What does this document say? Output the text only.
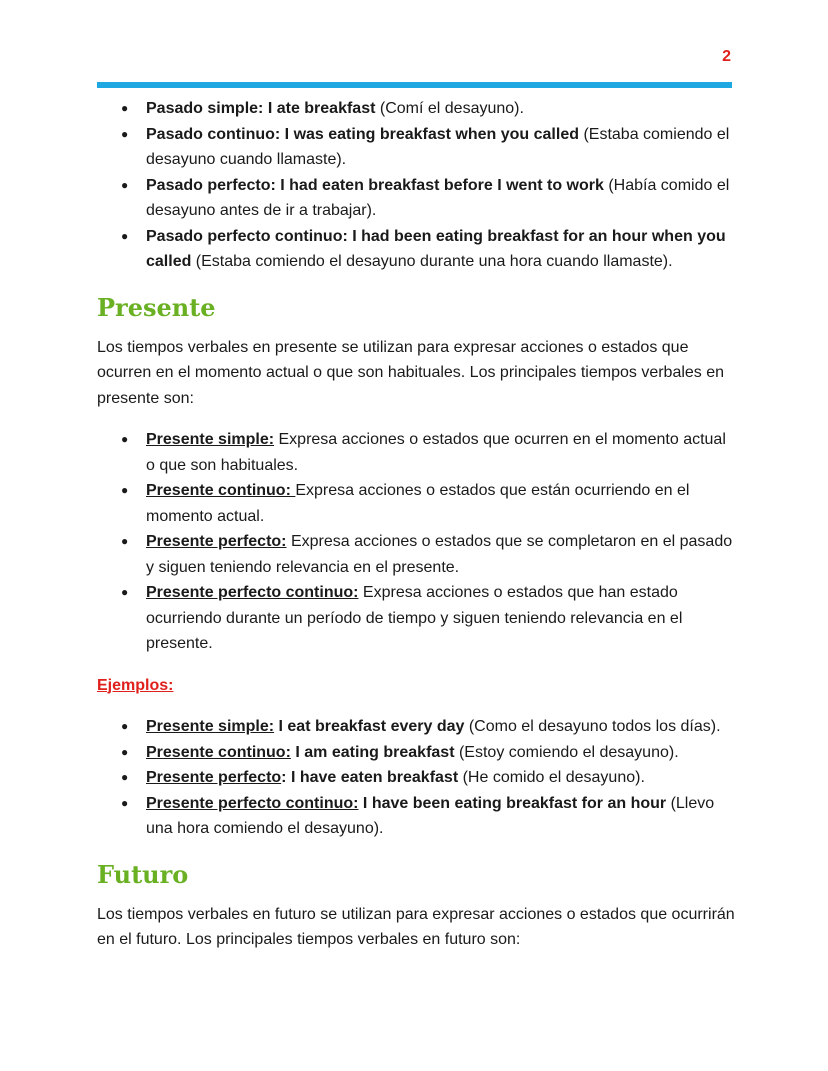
2
● Pasado simple: I ate breakfast (Comí el desayuno).
● Pasado continuo: I was eating breakfast when you called (Estaba comiendo el desayuno cuando llamaste).
● Pasado perfecto: I had eaten breakfast before I went to work (Había comido el desayuno antes de ir a trabajar).
● Pasado perfecto continuo: I had been eating breakfast for an hour when you called (Estaba comiendo el desayuno durante una hora cuando llamaste).
Presente

Los tiempos verbales en presente se utilizan para expresar acciones o estados que ocurren en el momento actual o que son habituales. Los principales tiempos verbales en presente son:

● Presente simple: Expresa acciones o estados que ocurren en el momento actual o que son habituales.
● Presente continuo: Expresa acciones o estados que están ocurriendo en el momento actual.
● Presente perfecto: Expresa acciones o estados que se completaron en el pasado y siguen teniendo relevancia en el presente.
● Presente perfecto continuo: Expresa acciones o estados que han estado ocurriendo durante un período de tiempo y siguen teniendo relevancia en el presente.

Ejemplos:

● Presente simple: I eat breakfast every day (Como el desayuno todos los días).
● Presente continuo: I am eating breakfast (Estoy comiendo el desayuno).
● Presente perfecto: I have eaten breakfast (He comido el desayuno).
● Presente perfecto continuo: I have been eating breakfast for an hour (Llevo una hora comiendo el desayuno).
Futuro

Los tiempos verbales en futuro se utilizan para expresar acciones o estados que ocurrirán en el futuro. Los principales tiempos verbales en futuro son:
